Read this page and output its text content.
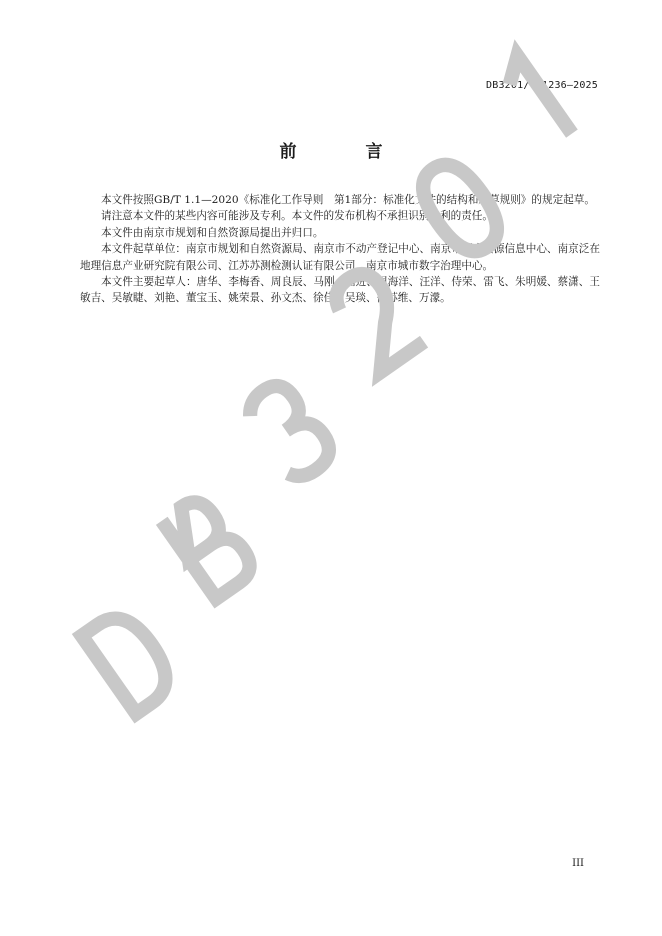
DB3201/T 1236—2025
前　言

本文件按照GB/T 1.1—2020《标准化工作导则　第1部分：标准化文件的结构和起草规则》的规定起草。

请注意本文件的某些内容可能涉及专利。本文件的发布机构不承担识别专利的责任。

本文件由南京市规划和自然资源局提出并归口。

本文件起草单位：南京市规划和自然资源局、南京市不动产登记中心、南京市国土资源信息中心、南京泛在地理信息产业研究院有限公司、江苏苏测检测认证有限公司、南京市城市数字治理中心。

本文件主要起草人：唐华、李梅香、周良辰、马刚、潘进、周海洋、汪洋、侍荣、雷飞、朱明媛、蔡潇、王敏吉、吴敏睫、刘艳、董宝玉、姚荣景、孙文杰、徐佳、吴琰、徐苏维、万濛。

III
